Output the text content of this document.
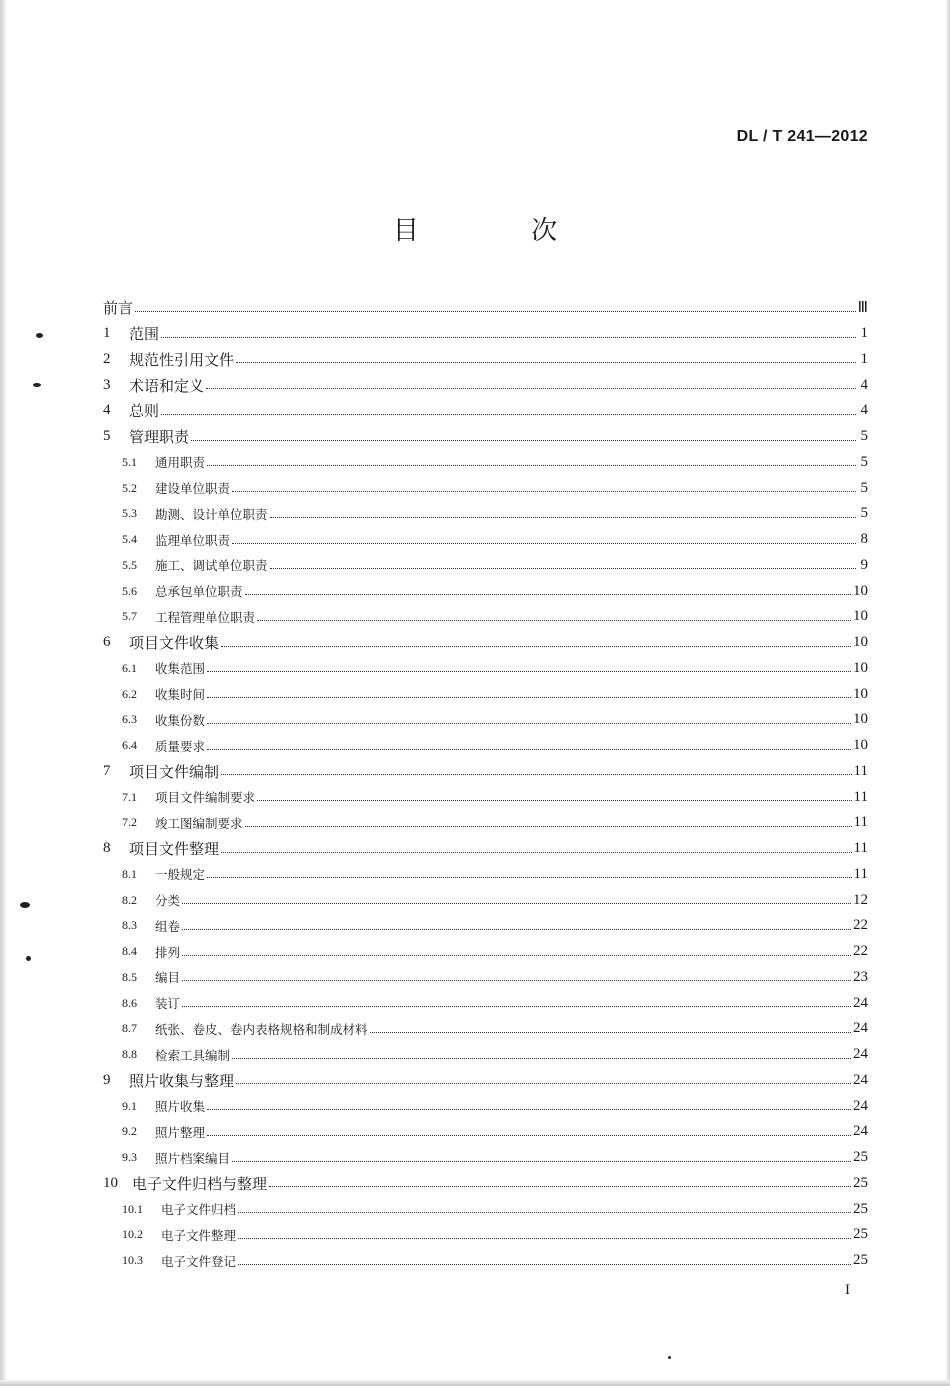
DL / T 241—2012
目 次
前言	Ⅲ
1	范围	1
2	规范性引用文件	1
3	术语和定义	4
4	总则	4
5	管理职责	5
5.1	通用职责	5
5.2	建设单位职责	5
5.3	勘测、设计单位职责	5
5.4	监理单位职责	8
5.5	施工、调试单位职责	9
5.6	总承包单位职责	10
5.7	工程管理单位职责	10
6	项目文件收集	10
6.1	收集范围	10
6.2	收集时间	10
6.3	收集份数	10
6.4	质量要求	10
7	项目文件编制	11
7.1	项目文件编制要求	11
7.2	竣工图编制要求	11
8	项目文件整理	11
8.1	一般规定	11
8.2	分类	12
8.3	组卷	22
8.4	排列	22
8.5	编目	23
8.6	装订	24
8.7	纸张、卷皮、卷内表格规格和制成材料	24
8.8	检索工具编制	24
9	照片收集与整理	24
9.1	照片收集	24
9.2	照片整理	24
9.3	照片档案编目	25
10 电子文件归档与整理	25
10.1	电子文件归档	25
10.2	电子文件整理	25
10.3	电子文件登记	25
I
